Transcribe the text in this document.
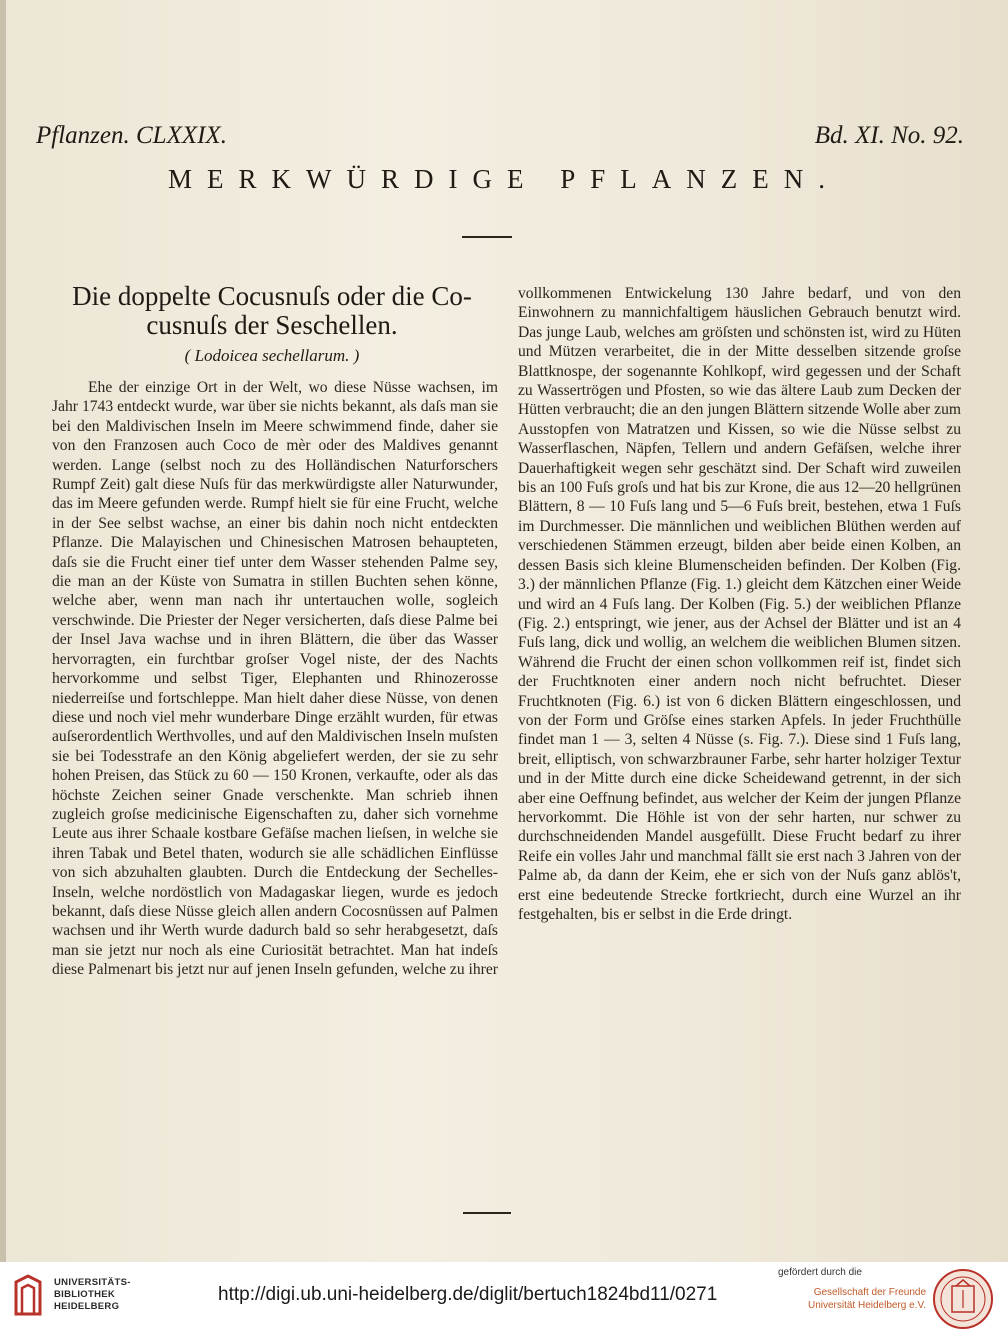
Pflanzen. CLXXIX.	Bd. XI. No. 92.
MERKWÜRDIGE PFLANZEN.
Die doppelte Cocusnuſs oder die Co-
cusnuſs der Seschellen.
( Lodoicea sechellarum. )

Ehe der einzige Ort in der Welt, wo diese Nüsse wachsen, im Jahr 1743 entdeckt wurde, war über sie nichts bekannt, als daſs man sie bei den Maldivischen Inseln im Meere schwimmend finde, daher sie von den Franzosen auch Coco de mèr oder des Maldives genannt werden. Lange (selbst noch zu des Holländischen Naturforschers Rumpf Zeit) galt diese Nuſs für das merkwürdigste aller Naturwunder, das im Meere gefunden werde. Rumpf hielt sie für eine Frucht, welche in der See selbst wachse, an einer bis dahin noch nicht entdeckten Pflanze. Die Malayischen und Chinesischen Matrosen behaupteten, daſs sie die Frucht einer tief unter dem Wasser stehenden Palme sey, die man an der Küste von Sumatra in stillen Buchten sehen könne, welche aber, wenn man nach ihr untertauchen wolle, sogleich verschwinde. Die Priester der Neger versicherten, daſs diese Palme bei der Insel Java wachse und in ihren Blättern, die über das Wasser hervorragten, ein furchtbar groſser Vogel niste, der des Nachts hervorkomme und selbst Tiger, Elephanten und Rhinozerosse niederreiſse und fortschleppe. Man hielt daher diese Nüsse, von denen diese und noch viel mehr wunderbare Dinge erzählt wurden, für etwas auſserordentlich Werthvolles, und auf den Maldivischen Inseln muſsten sie bei Todesstrafe an den König abgeliefert werden, der sie zu sehr hohen Preisen, das Stück zu 60 — 150 Kronen, verkaufte, oder als das höchste Zeichen seiner Gnade verschenkte. Man schrieb ihnen zugleich groſse medicinische Eigenschaften zu, daher sich vornehme Leute aus ihrer Schaale kostbare Gefäſse machen lieſsen, in welche sie ihren Tabak und Betel thaten, wodurch sie alle schädlichen Einflüsse von sich abzuhalten glaubten. Durch die Entdeckung der Sechelles-Inseln, welche nordöstlich von Madagaskar liegen, wurde es jedoch bekannt, daſs diese Nüsse gleich allen andern Cocosnüssen auf Palmen wachsen und ihr Werth wurde dadurch bald so sehr herabgesetzt, daſs man sie jetzt nur noch als eine Curiosität betrachtet. Man hat indeſs diese Palmenart bis jetzt nur auf jenen Inseln gefunden, welche zu ihrer

vollkommenen Entwickelung 130 Jahre bedarf, und von den Einwohnern zu mannichfaltigem häuslichen Gebrauch benutzt wird. Das junge Laub, welches am gröſsten und schönsten ist, wird zu Hüten und Mützen verarbeitet, die in der Mitte desselben sitzende groſse Blattknospe, der sogenannte Kohlkopf, wird gegessen und der Schaft zu Wassertrögen und Pfosten, so wie das ältere Laub zum Decken der Hütten verbraucht; die an den jungen Blättern sitzende Wolle aber zum Ausstopfen von Matratzen und Kissen, so wie die Nüsse selbst zu Wasserflaschen, Näpfen, Tellern und andern Gefäſsen, welche ihrer Dauerhaftigkeit wegen sehr geschätzt sind. Der Schaft wird zuweilen bis an 100 Fuſs groſs und hat bis zur Krone, die aus 12—20 hellgrünen Blättern, 8 — 10 Fuſs lang und 5—6 Fuſs breit, bestehen, etwa 1 Fuſs im Durchmesser. Die männlichen und weiblichen Blüthen werden auf verschiedenen Stämmen erzeugt, bilden aber beide einen Kolben, an dessen Basis sich kleine Blumenscheiden befinden. Der Kolben (Fig. 3.) der männlichen Pflanze (Fig. 1.) gleicht dem Kätzchen einer Weide und wird an 4 Fuſs lang. Der Kolben (Fig. 5.) der weiblichen Pflanze (Fig. 2.) entspringt, wie jener, aus der Achsel der Blätter und ist an 4 Fuſs lang, dick und wollig, an welchem die weiblichen Blumen sitzen. Während die Frucht der einen schon vollkommen reif ist, findet sich der Fruchtknoten einer andern noch nicht befruchtet. Dieser Fruchtknoten (Fig. 6.) ist von 6 dicken Blättern eingeschlossen, und von der Form und Gröſse eines starken Apfels. In jeder Fruchthülle findet man 1 — 3, selten 4 Nüsse (s. Fig. 7.). Diese sind 1 Fuſs lang, breit, elliptisch, von schwarzbrauner Farbe, sehr harter holziger Textur und in der Mitte durch eine dicke Scheidewand getrennt, in der sich aber eine Oeffnung befindet, aus welcher der Keim der jungen Pflanze hervorkommt. Die Höhle ist von der sehr harten, nur schwer zu durchschneidenden Mandel ausgefüllt. Diese Frucht bedarf zu ihrer Reife ein volles Jahr und manchmal fällt sie erst nach 3 Jahren von der Palme ab, da dann der Keim, ehe er sich von der Nuſs ganz ablös't, erst eine bedeutende Strecke fortkriecht, durch eine Wurzel an ihr festgehalten, bis er selbst in die Erde dringt.

UNIVERSITÄTS-
BIBLIOTHEK
HEIDELBERG
http://digi.ub.uni-heidelberg.de/diglit/bertuch1824bd11/0271
gefördert durch die
Gesellschaft der Freunde
Universität Heidelberg e.V.
